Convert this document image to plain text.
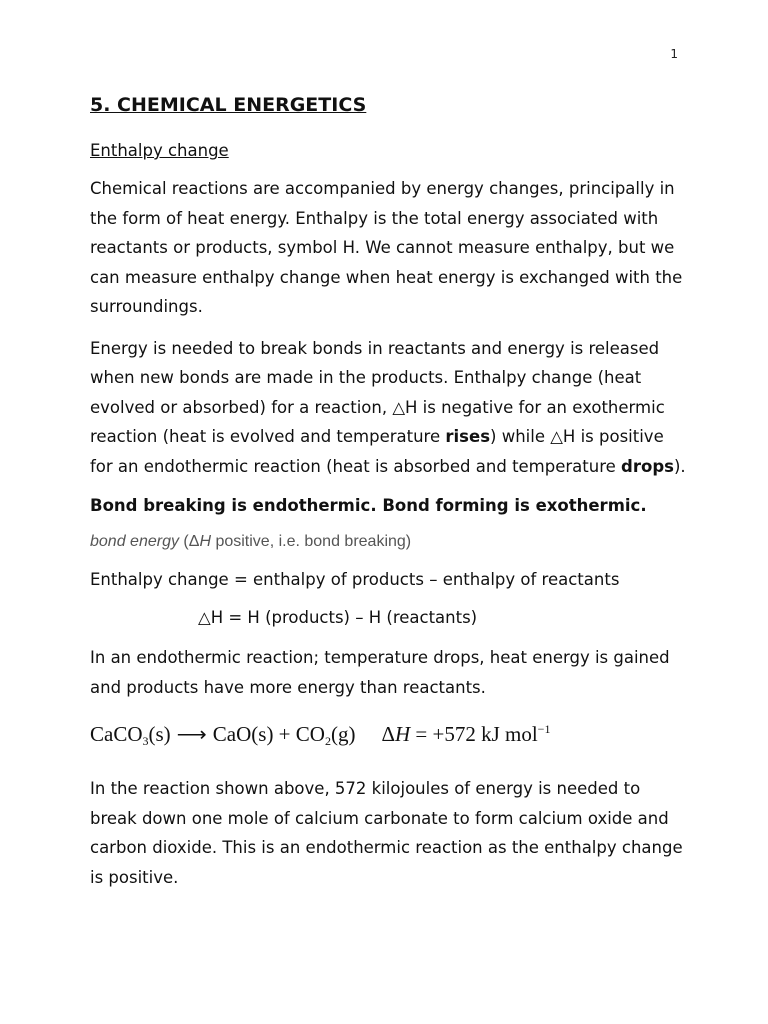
1
5. CHEMICAL ENERGETICS
Enthalpy change

Chemical reactions are accompanied by energy changes, principally in the form of heat energy. Enthalpy is the total energy associated with reactants or products, symbol H. We cannot measure enthalpy, but we can measure enthalpy change when heat energy is exchanged with the surroundings.

Energy is needed to break bonds in reactants and energy is released when new bonds are made in the products. Enthalpy change (heat evolved or absorbed) for a reaction, △H is negative for an exothermic reaction (heat is evolved and temperature rises) while △H is positive for an endothermic reaction (heat is absorbed and temperature drops).

Bond breaking is endothermic. Bond forming is exothermic.

bond energy (ΔH positive, i.e. bond breaking)

Enthalpy change = enthalpy of products – enthalpy of reactants

△H = H (products) – H (reactants)

In an endothermic reaction; temperature drops, heat energy is gained and products have more energy than reactants.

CaCO$_3$(s) ⟶ $CaO(s) + CO_2(g) \Delta H = +572$ kJ mol$^{-1}$

In the reaction shown above, 572 kilojoules of energy is needed to break down one mole of calcium carbonate to form calcium oxide and carbon dioxide. This is an endothermic reaction as the enthalpy change is positive.
